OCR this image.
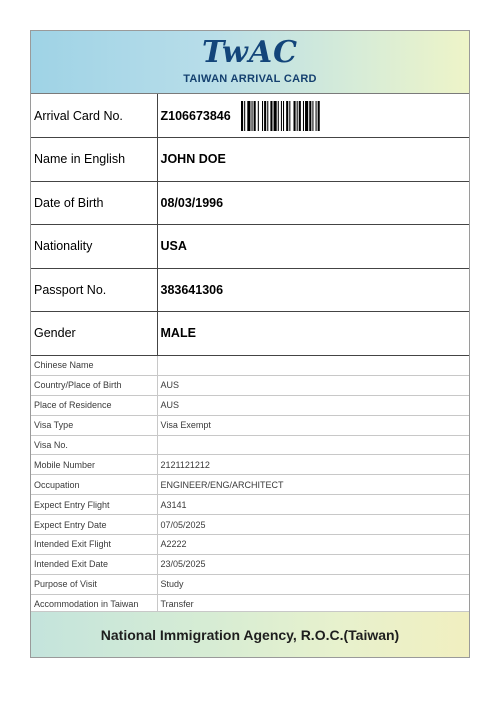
TwAC
TAIWAN ARRIVAL CARD
Arrival Card No.	Z106673846

Name in English	JOHN DOE
Date of Birth	08/03/1996
Nationality	USA
Passport No.	383641306
Gender	MALE
Chinese Name	
Country/Place of Birth	AUS
Place of Residence	AUS
Visa Type	Visa Exempt
Visa No.	
Mobile Number	2121121212
Occupation	ENGINEER/ENG/ARCHITECT
Expect Entry Flight	A3141
Expect Entry Date	07/05/2025
Intended Exit Flight	A2222
Intended Exit Date	23/05/2025
Purpose of Visit	Study
Accommodation in Taiwan	Transfer
National Immigration Agency, R.O.C.(Taiwan)
